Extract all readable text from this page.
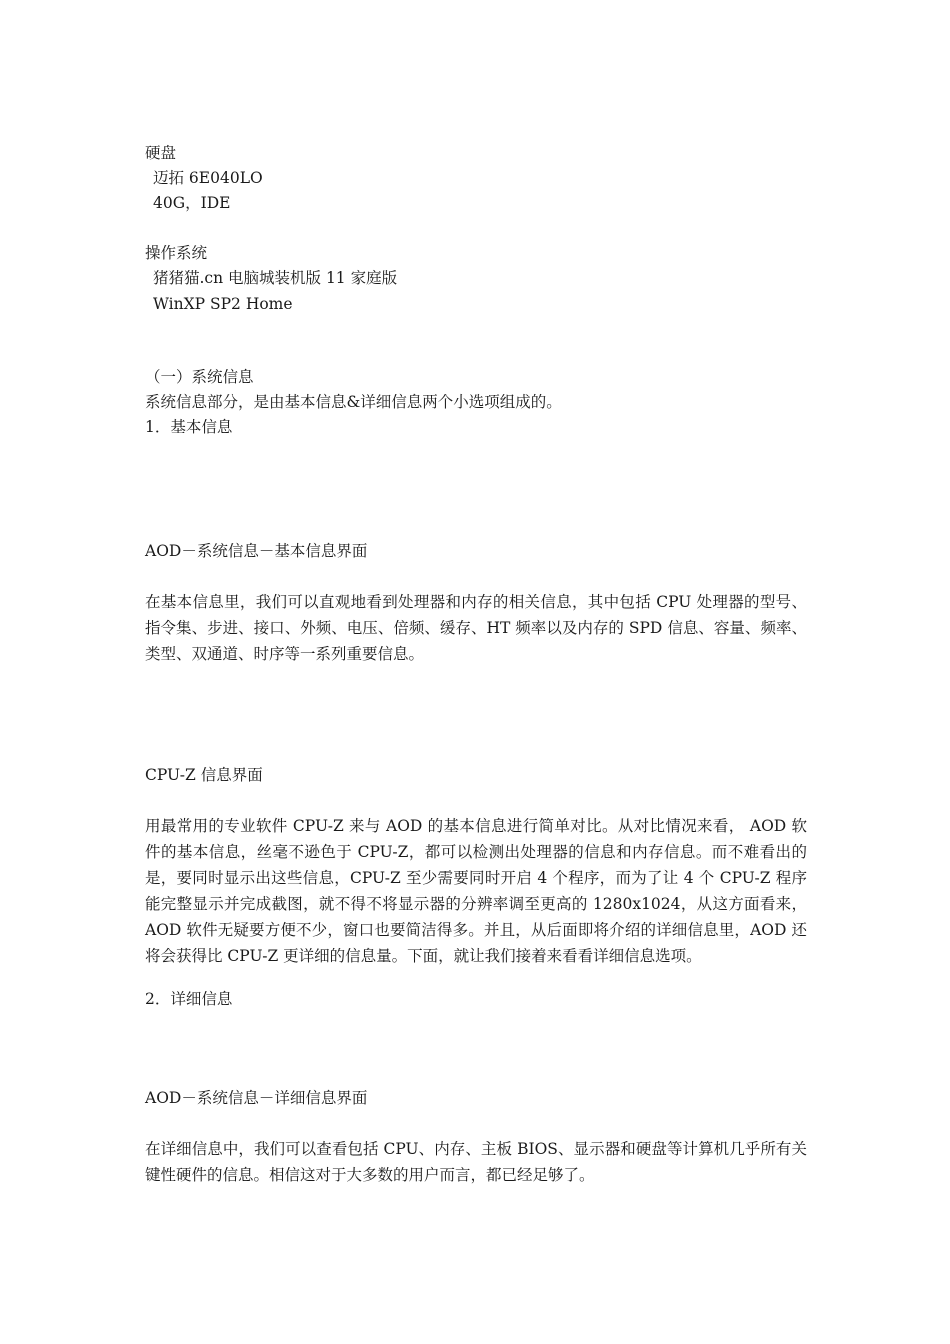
硬盘
迈拓 6E040LO
40G，IDE
操作系统
猪猪猫.cn 电脑城装机版 11 家庭版
WinXP SP2 Home
（一）系统信息
系统信息部分，是由基本信息&详细信息两个小选项组成的。
1．基本信息
AOD－系统信息－基本信息界面
在基本信息里，我们可以直观地看到处理器和内存的相关信息，其中包括 CPU 处理器的型号、指令集、步进、接口、外频、电压、倍频、缓存、HT 频率以及内存的 SPD 信息、容量、频率、类型、双通道、时序等一系列重要信息。
CPU-Z 信息界面
用最常用的专业软件 CPU-Z 来与 AOD 的基本信息进行简单对比。从对比情况来看， AOD 软件的基本信息，丝毫不逊色于 CPU-Z，都可以检测出处理器的信息和内存信息。而不难看出的是，要同时显示出这些信息，CPU-Z 至少需要同时开启 4 个程序，而为了让 4 个 CPU-Z 程序能完整显示并完成截图，就不得不将显示器的分辨率调至更高的 1280x1024，从这方面看来，AOD 软件无疑要方便不少，窗口也要简洁得多。并且，从后面即将介绍的详细信息里，AOD 还将会获得比 CPU-Z 更详细的信息量。下面，就让我们接着来看看详细信息选项。
2．详细信息
AOD－系统信息－详细信息界面
在详细信息中，我们可以查看包括 CPU、内存、主板 BIOS、显示器和硬盘等计算机几乎所有关键性硬件的信息。相信这对于大多数的用户而言，都已经足够了。
